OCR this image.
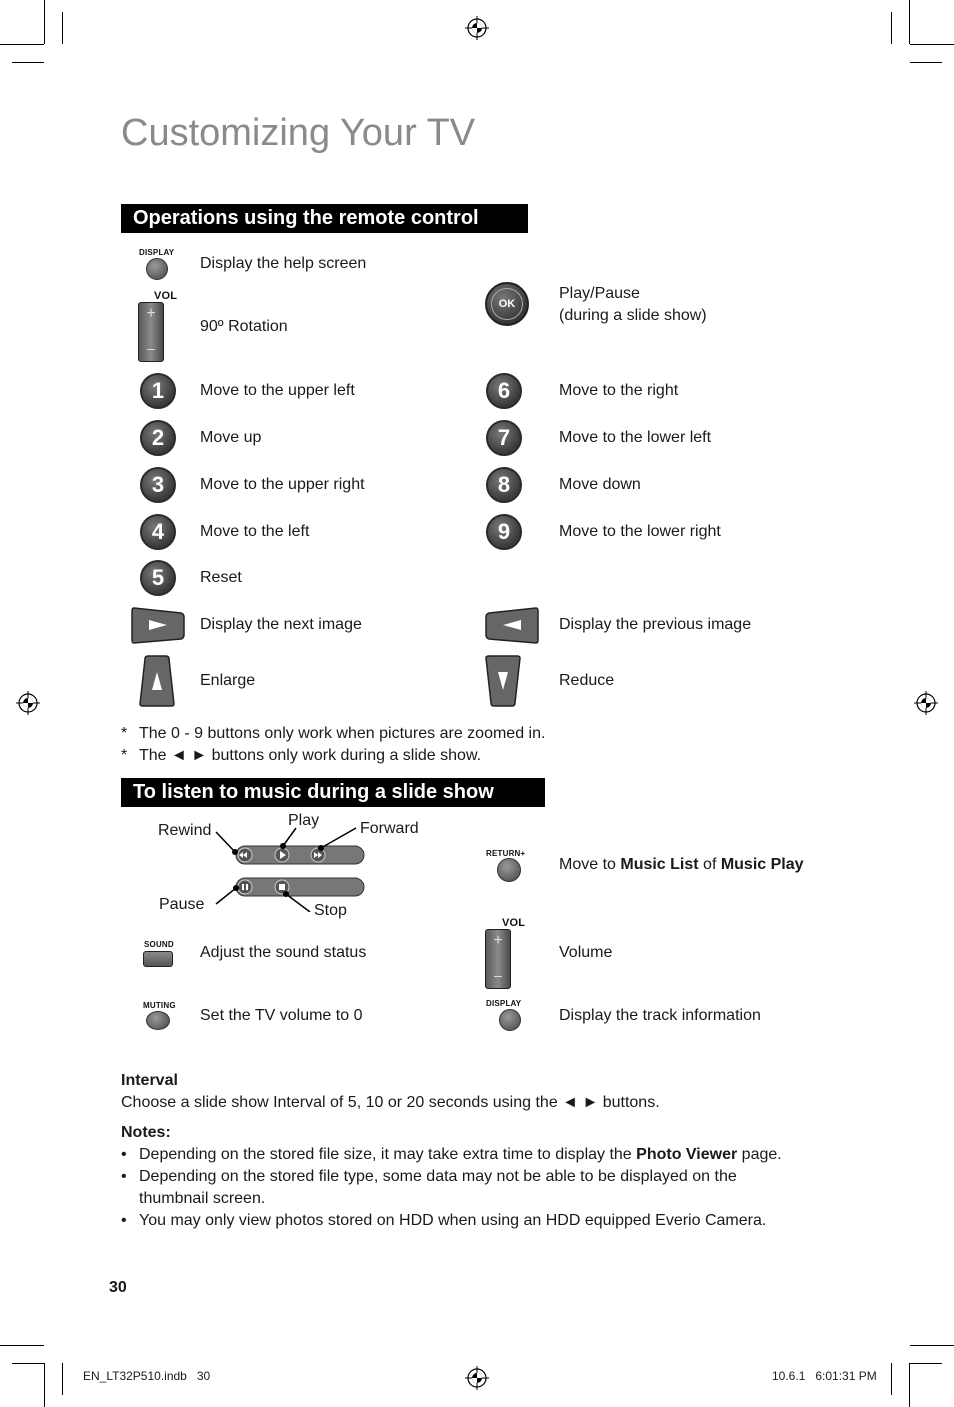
Customizing Your TV
Operations using the remote control
DISPLAY
Display the help screen
VOL
+
–
90º Rotation
OK
Play/Pause
(during a slide show)
1	Move to the upper left
2	Move up
3	Move to the upper right
4	Move to the left
5	Reset
6	Move to the right
7	Move to the lower left
8	Move down
9	Move to the lower right
Display the next image	Display the previous image
Enlarge	Reduce
* The 0 - 9 buttons only work when pictures are zoomed in.
* The ◄ ► buttons only work during a slide show.
To listen to music during a slide show
Rewind
Play	Forward
Pause	Stop
RETURN+
Move to Music List of Music Play
SOUND Adjust the sound status
VOL
+
–
Volume
MUTING
Set the TV volume to 0
DISPLAY
Display the track information
Interval
Choose a slide show Interval of 5, 10 or 20 seconds using the ◄ ► buttons.
Notes:
• Depending on the stored file size, it may take extra time to display the Photo Viewer page.
• Depending on the stored file type, some data may not be able to be displayed on the
thumbnail screen.
• You may only view photos stored on HDD when using an HDD equipped Everio Camera.
30
EN_LT32P510.indb   30	10.6.1   6:01:31 PM
